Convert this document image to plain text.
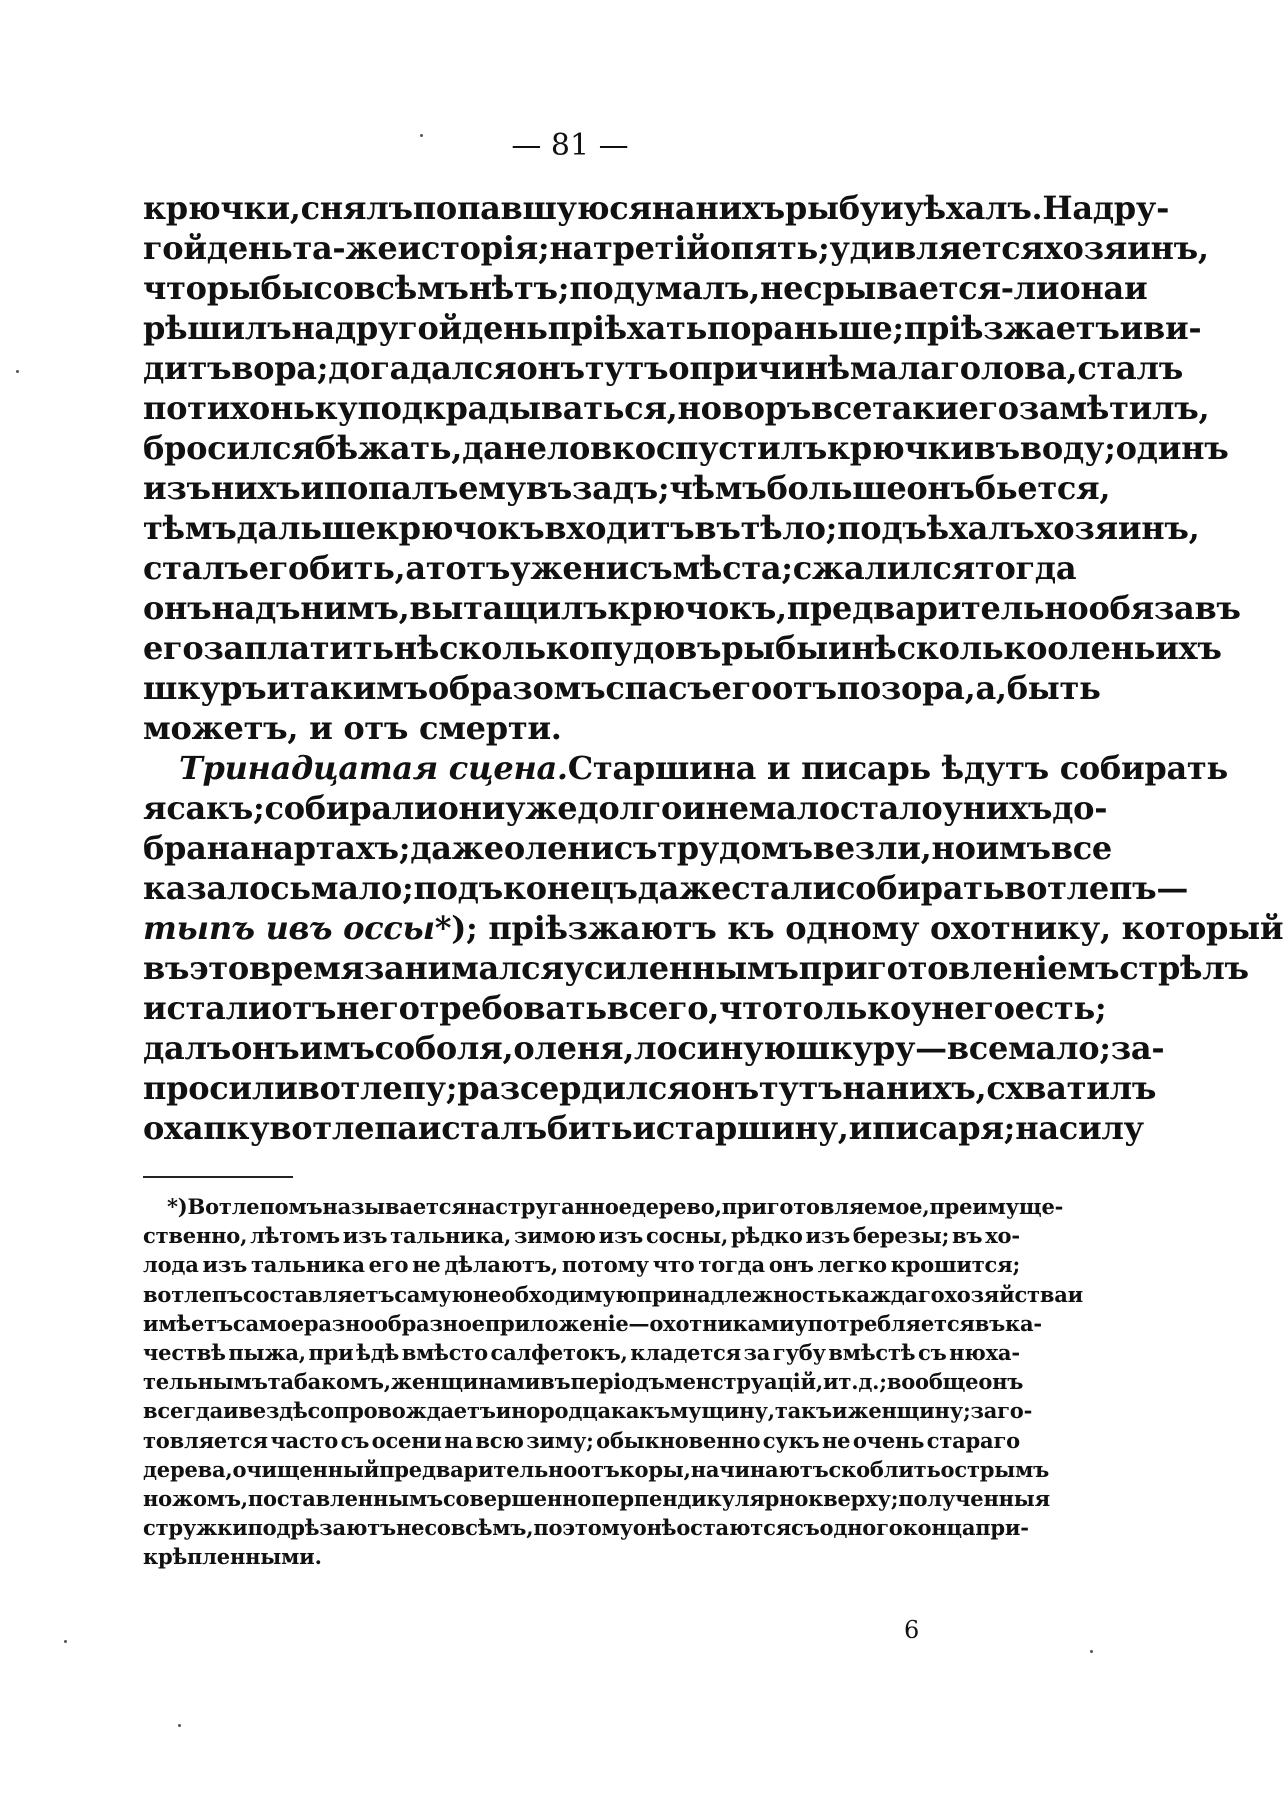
— 81 —
крючки, снялъ попавшуюся на нихъ рыбу и уѣхалъ. На дру-
гой день та-же исторія; на третій опять; удивляется хозяинъ,
что рыбы совсѣмъ нѣтъ; подумалъ, не срывается-ли она и
рѣшилъ на другой день пріѣхать пораньше; пріѣзжаетъ и ви-
дитъ вора; догадался онъ тутъ о причинѣ малаго лова, сталъ
потихоньку подкрадываться, но воръ все таки его замѣтилъ,
бросился бѣжать, да неловко спустилъ крючки въ воду; одинъ
изъ нихъ и попалъ ему въ задъ; чѣмъ больше онъ бьется,
тѣмъ дальше крючокъ входитъ въ тѣло; подъѣхалъ хозяинъ,
сталъ его бить, а тотъ уже ни съ мѣста; сжалился тогда
онъ надъ нимъ, вытащилъ крючокъ, предварительно обязавъ
его заплатить нѣсколько пудовъ рыбы и нѣсколько оленьихъ
шкуръ и такимъ образомъ спасъ его отъ позора, а, быть
можетъ, и отъ смерти.
Тринадцатая сцена. Старшина и писарь ѣдутъ собирать
ясакъ; собирали они уже долго и не мало стало у нихъ до-
бра на нартахъ; даже олени съ трудомъ везли, но имъ все
казалось мало; подъ конецъ даже стали собирать вотлепъ—
тыпъ ивъ оссы *); пріѣзжаютъ къ одному охотнику, который
въ это время занимался усиленнымъ приготовленіемъ стрѣлъ
и стали отъ него требовать всего, что только у него есть;
далъ онъ имъ соболя, оленя, лосиную шкуру—все мало; за-
просили вотлепу; разсердился онъ тутъ на нихъ, схватилъ
охапку вотлепа и сталъ бить и старшину, и писаря; насилу
*) Вотлепомъ называется наструганное дерево, приготовляемое, преимуще-
ственно, лѣтомъ изъ тальника, зимою изъ сосны, рѣдко изъ березы; въ хо-
лода изъ тальника его не дѣлаютъ, потому что тогда онъ легко крошится;
вотлепъ составляетъ самую необходимую принадлежность каждаго хозяйства и
имѣетъ самое разнообразное приложеніе — охотниками употребляется въ ка-
чествѣ пыжа, при ѣдѣ вмѣсто салфетокъ, кладется за губу вмѣстѣ съ нюха-
тельнымъ табакомъ, женщинами въ періодъ менструацій, и т. д.; вообще онъ
всегда и вездѣ сопровождаетъ инородца какъ мущину, такъ и женщину; заго-
товляется часто съ осени на всю зиму; обыкновенно сукъ не очень стараго
дерева, очищенный предварительно отъ коры, начинаютъ скоблить острымъ
ножомъ, поставленнымъ совершенно перпендикулярно кверху; полученныя
стружки подрѣзаютъ не совсѣмъ, поэтому онѣ остаются съ одного конца при-
крѣпленными.
6
